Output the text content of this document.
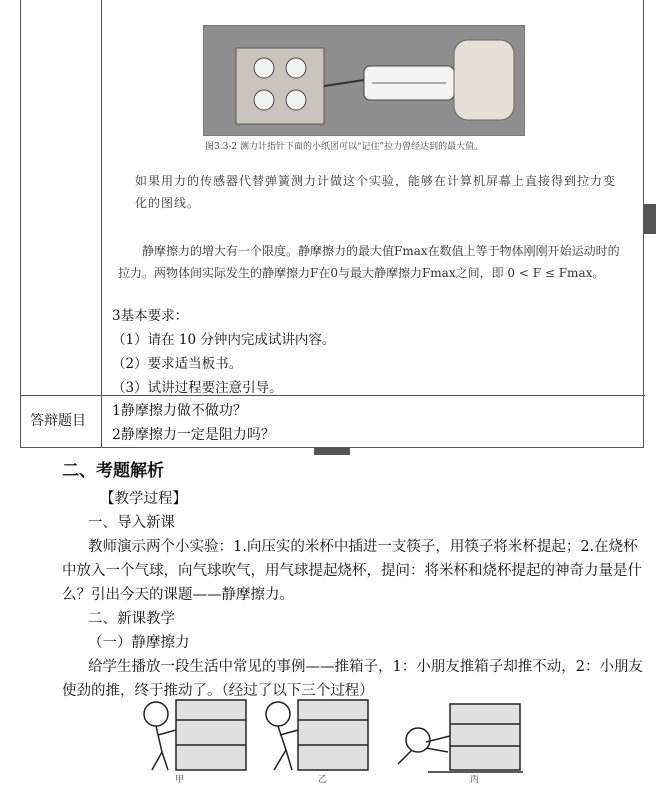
图3.3-2 测力计指针下面的小纸团可以“记住”拉力曾经达到的最大值。
如果用力的传感器代替弹簧测力计做这个实验，能够在计算机屏幕上直接得到拉力变化的图线。
静摩擦力的增大有一个限度。静摩擦力的最大值Fmax在数值上等于物体刚刚开始运动时的拉力。两物体间实际发生的静摩擦力F在0与最大静摩擦力Fmax之间，即 0 < F ≤ Fmax。
3基本要求：
（1）请在 10 分钟内完成试讲内容。
（2）要求适当板书。
（3）试讲过程要注意引导。
答辩题目
1静摩擦力做不做功？
2静摩擦力一定是阻力吗？
二、考题解析
【教学过程】
一、导入新课
教师演示两个小实验：1.向压实的米杯中插进一支筷子，用筷子将米杯提起；2.在烧杯
中放入一个气球，向气球吹气，用气球提起烧杯，提问：将米杯和烧杯提起的神奇力量是什
么？引出今天的课题——静摩擦力。
二、新课教学
（一）静摩擦力
给学生播放一段生活中常见的事例——推箱子，1：小朋友推箱子却推不动，2：小朋友
使劲的推，终于推动了。（经过了以下三个过程）
甲	乙	丙
